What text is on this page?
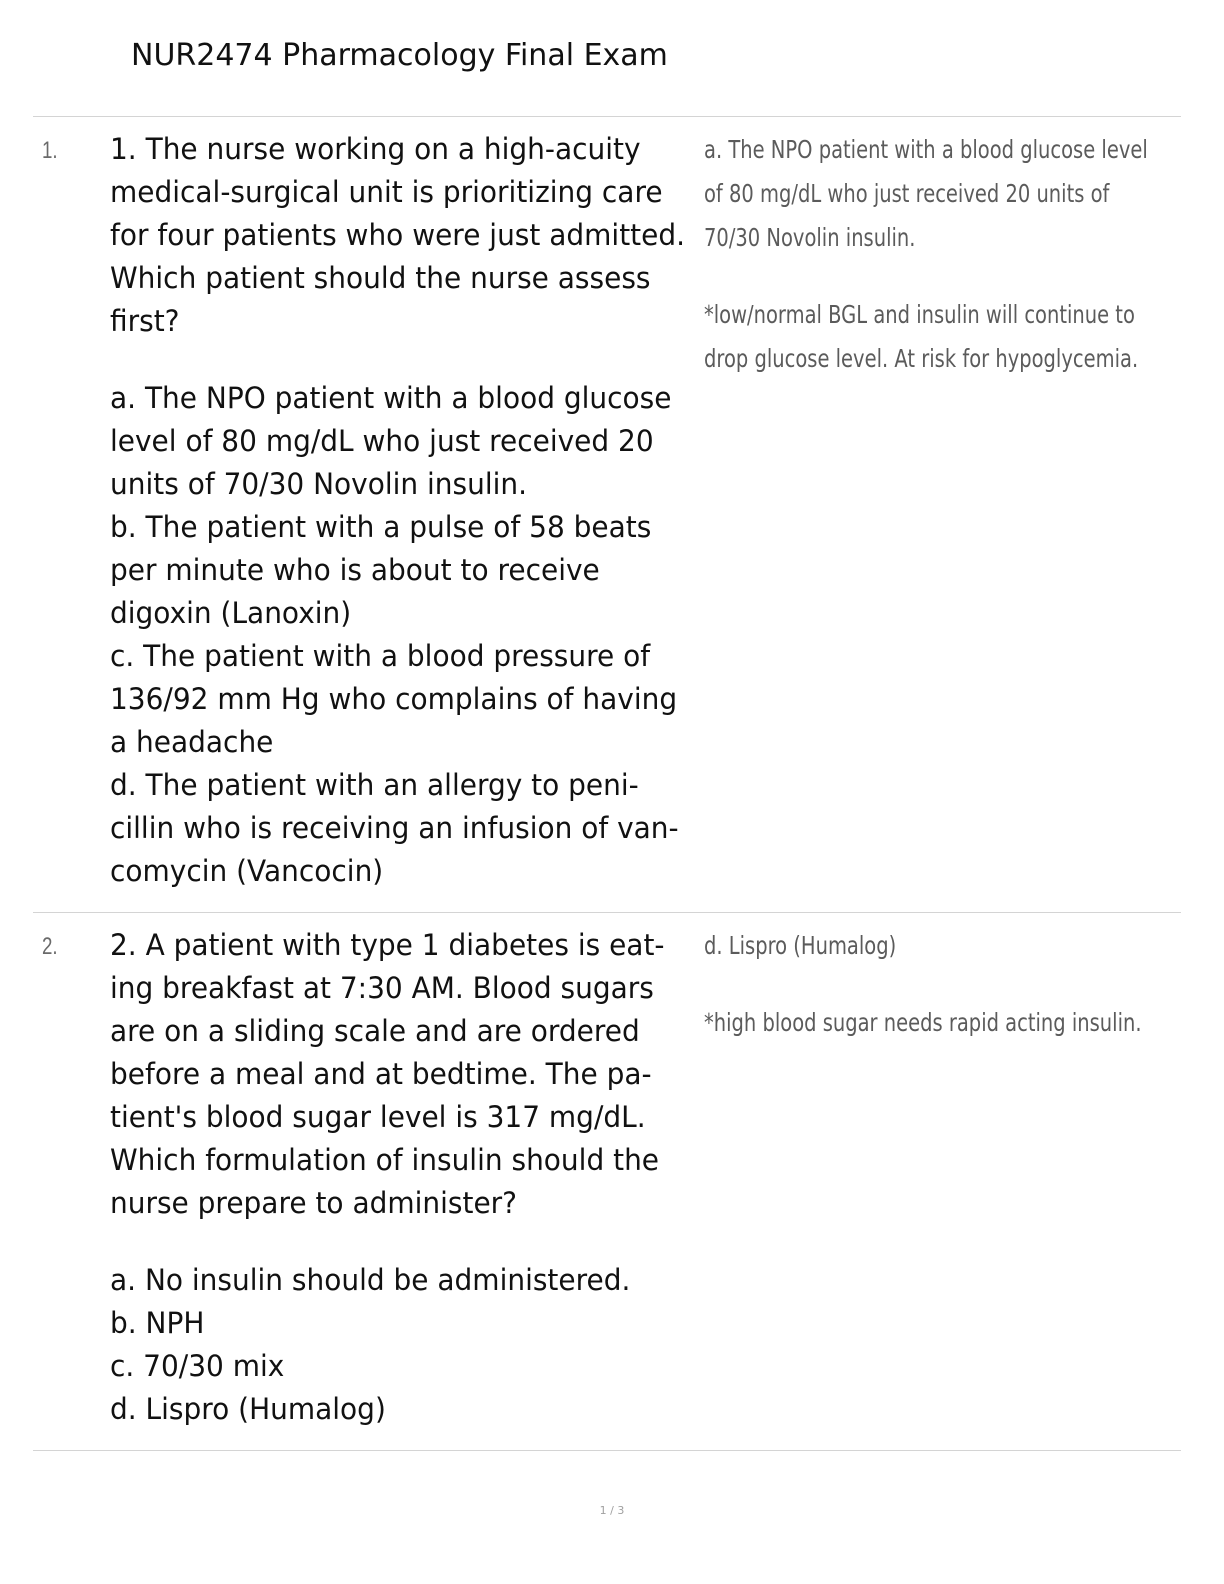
NUR2474 Pharmacology Final Exam
1. 1. The nurse working on a high-acuity medical-surgical unit is prioritizing care for four patients who were just admitted. Which patient should the nurse assess first?
a. The NPO patient with a blood glucose level of 80 mg/dL who just received 20 units of 70/30 Novolin insulin.
b. The patient with a pulse of 58 beats per minute who is about to receive digoxin (Lanoxin)
c. The patient with a blood pressure of 136/92 mm Hg who complains of having a headache
d. The patient with an allergy to penicillin who is receiving an infusion of vancomycin (Vancocin)
a. The NPO patient with a blood glucose level of 80 mg/dL who just received 20 units of 70/30 Novolin insulin.
*low/normal BGL and insulin will continue to drop glucose level. At risk for hypoglycemia.
2. 2. A patient with type 1 diabetes is eating breakfast at 7:30 AM. Blood sugars are on a sliding scale and are ordered before a meal and at bedtime. The patient's blood sugar level is 317 mg/dL. Which formulation of insulin should the nurse prepare to administer?
a. No insulin should be administered.
b. NPH
c. 70/30 mix
d. Lispro (Humalog)
d. Lispro (Humalog)
*high blood sugar needs rapid acting insulin.
1 / 3
